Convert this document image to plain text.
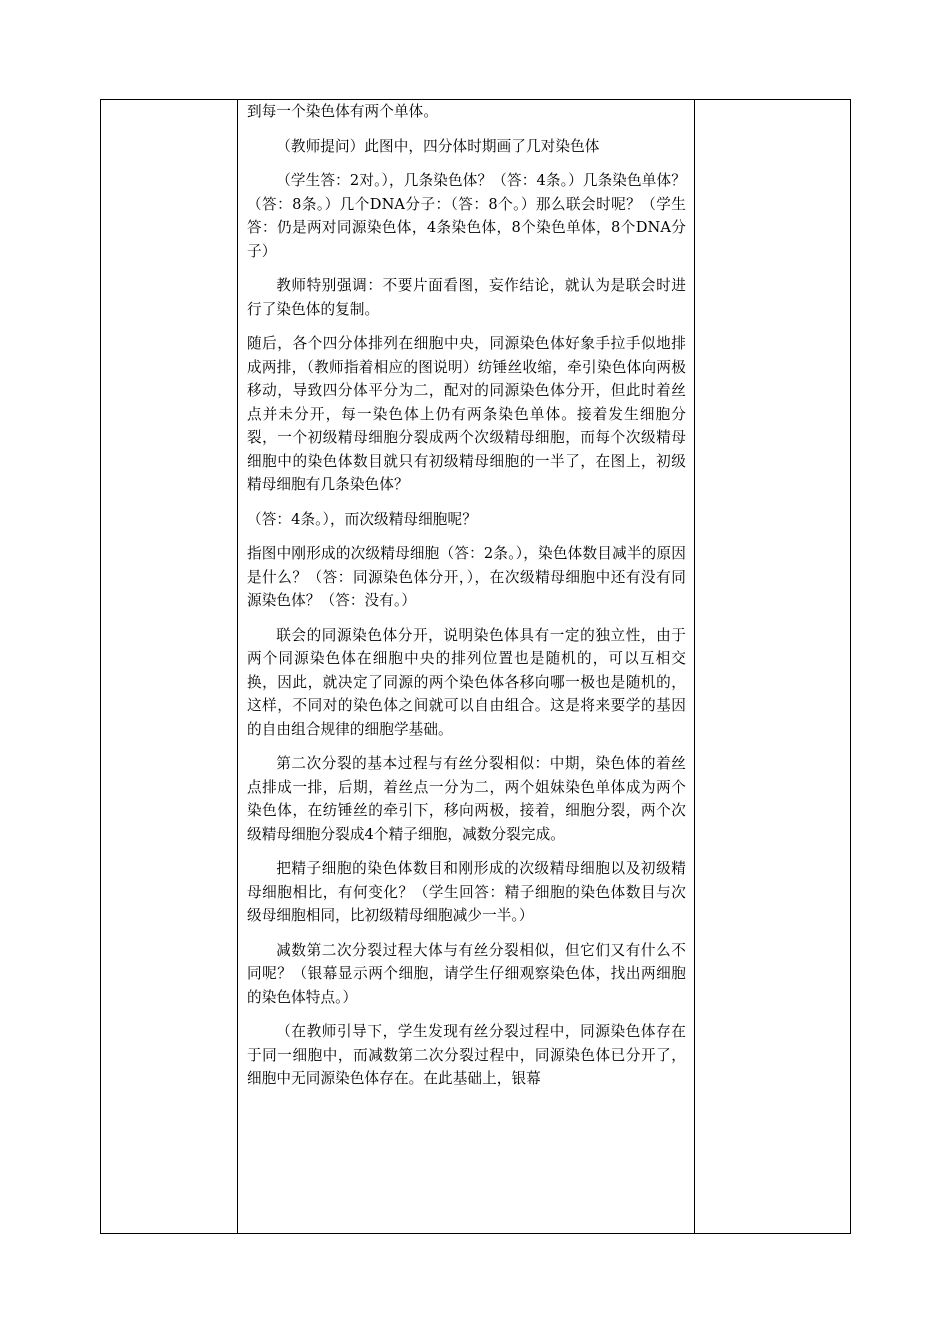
到每一个染色体有两个单体。

（教师提问）此图中，四分体时期画了几对染色体

（学生答：2对。），几条染色体？（答：4条。）几条染色单体？（答：8条。）几个DNA分子：（答：8个。）那么联会时呢？（学生答：仍是两对同源染色体，4条染色体，8个染色单体，8个DNA分子）

教师特别强调：不要片面看图，妄作结论，就认为是联会时进行了染色体的复制。

随后，各个四分体排列在细胞中央，同源染色体好象手拉手似地排成两排，（教师指着相应的图说明）纺锤丝收缩，牵引染色体向两极移动，导致四分体平分为二，配对的同源染色体分开，但此时着丝点并未分开，每一染色体上仍有两条染色单体。接着发生细胞分裂，一个初级精母细胞分裂成两个次级精母细胞，而每个次级精母细胞中的染色体数目就只有初级精母细胞的一半了，在图上，初级精母细胞有几条染色体？

（答：4条。），而次级精母细胞呢？

指图中刚形成的次级精母细胞（答：2条。），染色体数目减半的原因是什么？（答：同源染色体分开，），在次级精母细胞中还有没有同源染色体？（答：没有。）

联会的同源染色体分开，说明染色体具有一定的独立性，由于两个同源染色体在细胞中央的排列位置也是随机的，可以互相交换，因此，就决定了同源的两个染色体各移向哪一极也是随机的，这样，不同对的染色体之间就可以自由组合。这是将来要学的基因的自由组合规律的细胞学基础。

第二次分裂的基本过程与有丝分裂相似：中期，染色体的着丝点排成一排，后期，着丝点一分为二，两个姐妹染色单体成为两个染色体，在纺锤丝的牵引下，移向两极，接着，细胞分裂，两个次级精母细胞分裂成4个精子细胞，减数分裂完成。

把精子细胞的染色体数目和刚形成的次级精母细胞以及初级精母细胞相比，有何变化？（学生回答：精子细胞的染色体数目与次级母细胞相同，比初级精母细胞减少一半。）

减数第二次分裂过程大体与有丝分裂相似，但它们又有什么不同呢？（银幕显示两个细胞，请学生仔细观察染色体，找出两细胞的染色体特点。）

（在教师引导下，学生发现有丝分裂过程中，同源染色体存在于同一细胞中，而减数第二次分裂过程中，同源染色体已分开了，细胞中无同源染色体存在。在此基础上，银幕
